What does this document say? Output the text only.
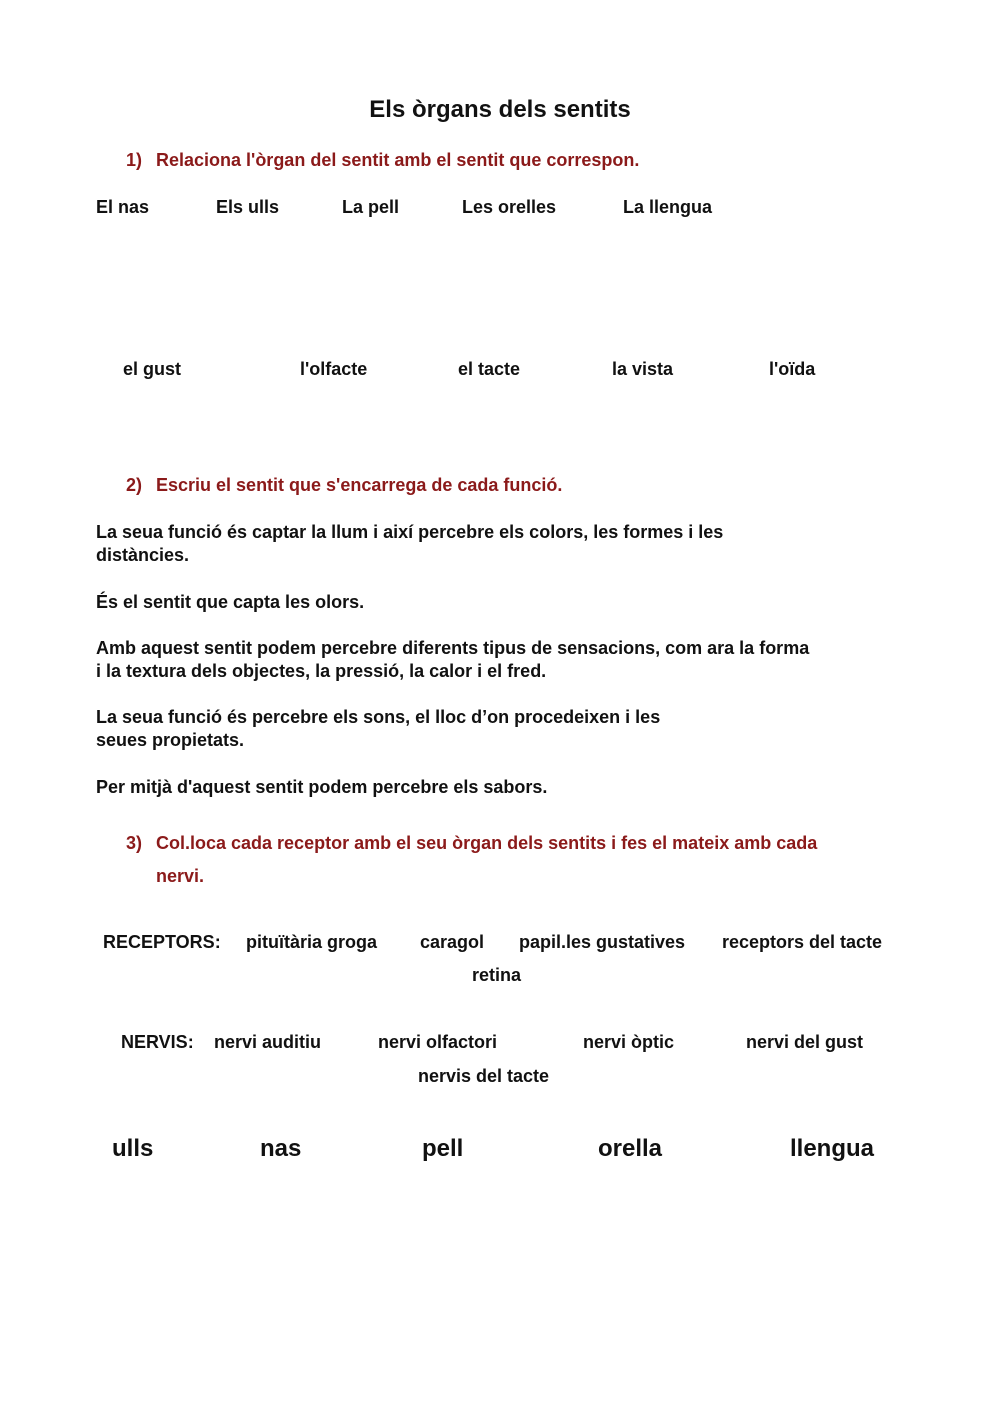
Els òrgans dels sentits
1) Relaciona l'òrgan del sentit amb el sentit que correspon.
El nas	Els ulls	La pell	Les orelles	La llengua
el gust	l'olfacte	el tacte	la vista	l'oïda
2) Escriu el sentit que s'encarrega de cada funció.
La seua funció és captar la llum i així percebre els colors, les formes i les
distàncies.
És el sentit que capta les olors.
Amb aquest sentit podem percebre diferents tipus de sensacions, com ara la forma
i la textura dels objectes, la pressió, la calor i el fred.
La seua funció és percebre els sons, el lloc d’on procedeixen i les
seues propietats.
Per mitjà d'aquest sentit podem percebre els sabors.
3) Col.loca cada receptor amb el seu òrgan dels sentits i fes el mateix amb cada
nervi.
RECEPTORS: pituïtària groga caragol papil.les gustatives receptors del tacte
retina
NERVIS: nervi auditiu	nervi olfactori	nervi òptic	nervi del gust
nervis del tacte
ulls	nas	pell	orella	llengua
